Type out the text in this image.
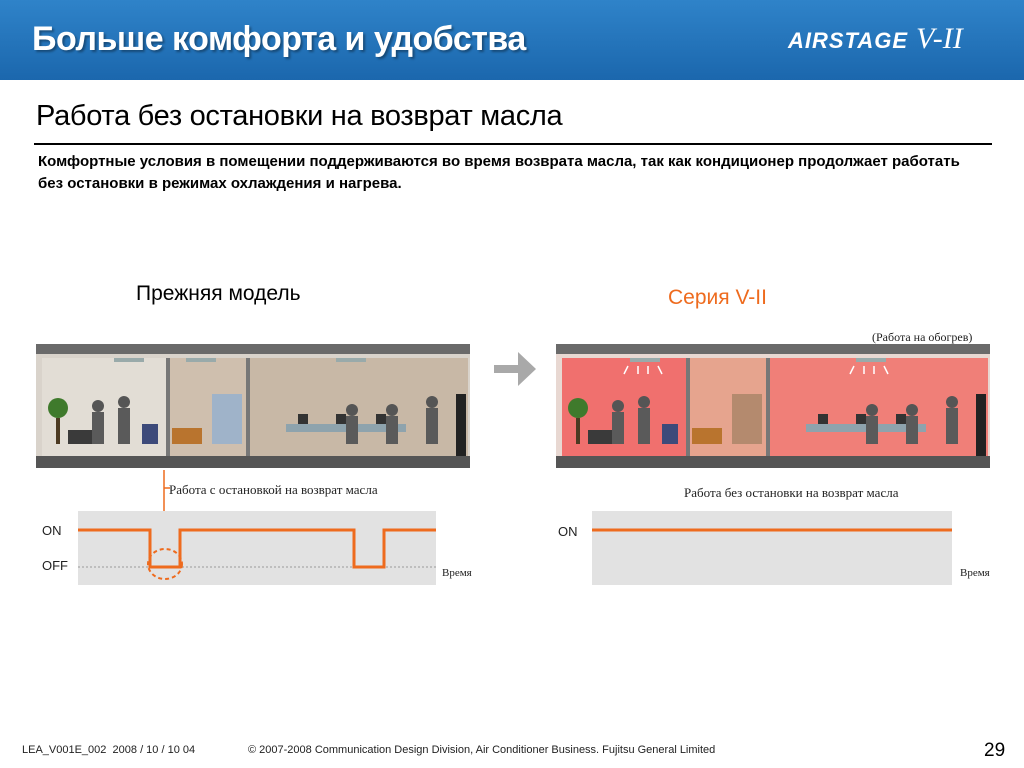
Больше комфорта и удобства	AIRSTAGE V-II
Работа без остановки на возврат масла
Комфортные условия в помещении поддерживаются во время возврата масла, так как кондиционер продолжает работать без остановки в режимах охлаждения и нагрева.
Прежняя модель	Серия V-II
(Работа на обогрев)
Работа с остановкой на возврат масла
ON
OFF	Время
Работа без остановки на возврат масла
ON
Время
LEA_V001E_002 2008 / 10 / 10 04	© 2007-2008 Communication Design Division, Air Conditioner Business. Fujitsu General Limited	29
